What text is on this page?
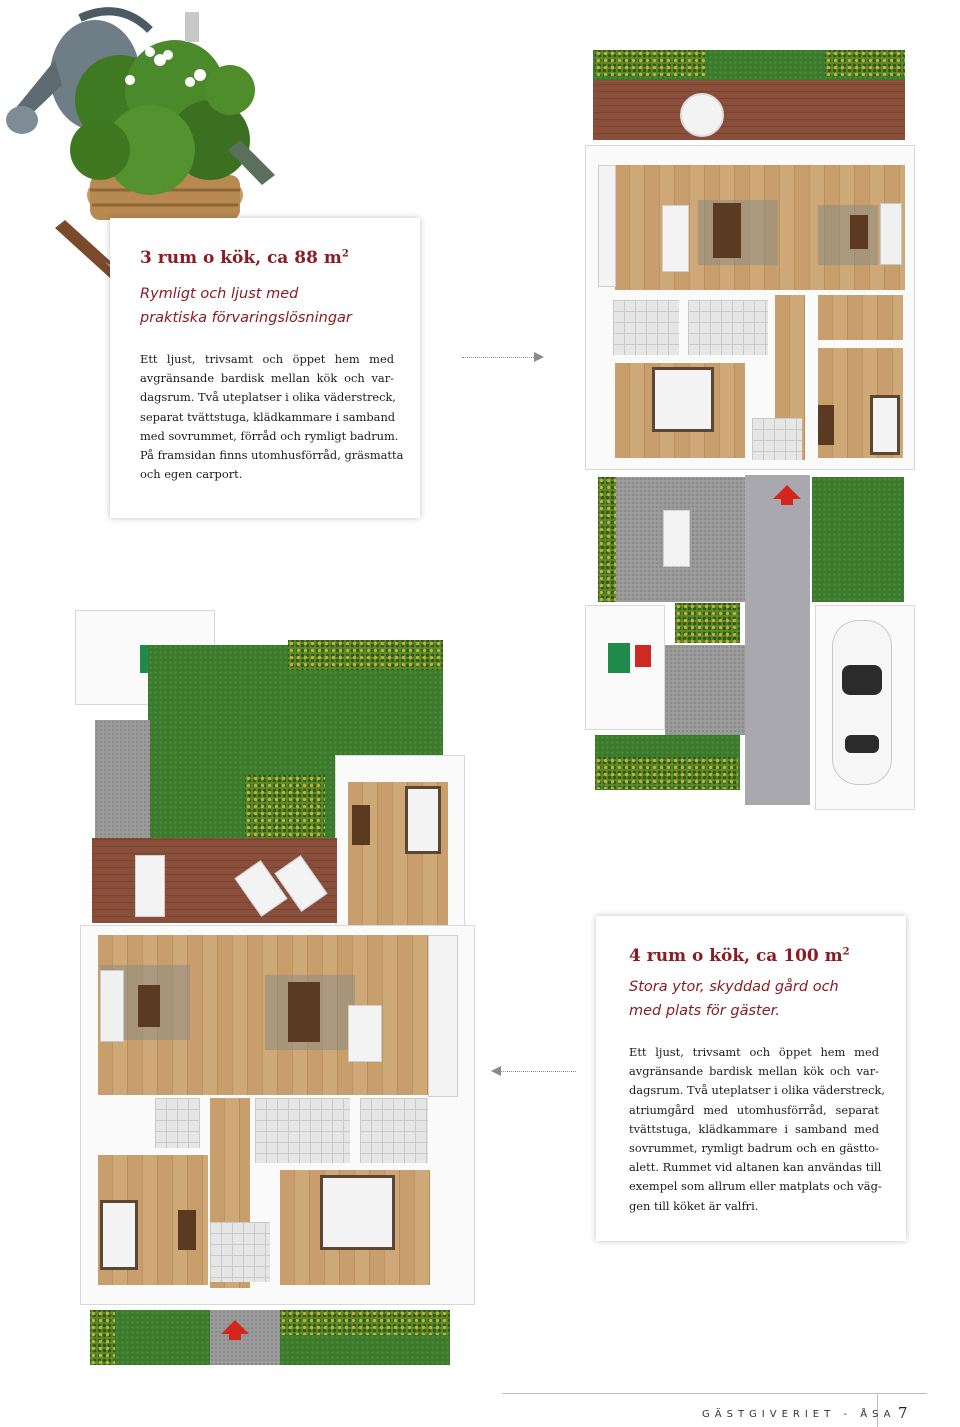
3 rum o kök, ca 88 $m^2$
Rymligt och ljust med
praktiska förvaringslösningar
Ett ljust, trivsamt och öppet hem med
avgränsande bardisk mellan kök och var-
dagsrum. Två uteplatser i olika väderstreck,
separat tvättstuga, klädkammare i samband
med sovrummet, förråd och rymligt badrum.
På framsidan finns utomhusförråd, gräsmatta
och egen carport.
4 rum o kök, ca 100 $m^2$
Stora ytor, skyddad gård och
med plats för gäster.
Ett ljust, trivsamt och öppet hem med
avgränsande bardisk mellan kök och var-
dagsrum. Två uteplatser i olika väderstreck,
atriumgård med utomhusförråd, separat
tvättstuga, klädkammare i samband med
sovrummet, rymligt badrum och en gästto-
alett. Rummet vid altanen kan användas till
exempel som allrum eller matplats och väg-
gen till köket är valfri.
GÄSTGIVERIET - ÅSA 7
